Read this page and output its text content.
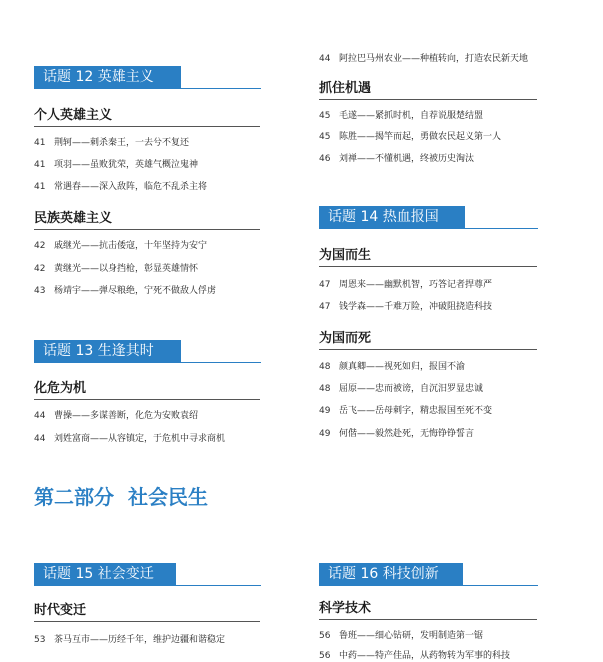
话题 12 英雄主义
个人英雄主义
41 荆轲——刺杀秦王，一去兮不复还
41 项羽——虽败犹荣，英雄气概泣鬼神
41 常遇春——深入敌阵，临危不乱杀主将
民族英雄主义
42 戚继光——抗击倭寇，十年坚持为安宁
42 黄继光——以身挡枪，彰显英雄情怀
43 杨靖宇——弹尽粮绝，宁死不做敌人俘虏
话题 13 生逢其时
化危为机
44 曹操——多谋善断，化危为安败袁绍
44 刘姓富商——从容镇定，于危机中寻求商机
44 阿拉巴马州农业——种植转向，打造农民新天地
抓住机遇
45 毛遂——紧抓时机，自荐说服楚结盟
45 陈胜——揭竿而起，勇做农民起义第一人
46 刘禅——不懂机遇，终被历史淘汰
话题 14 热血报国
为国而生
47 周恩来——幽默机智，巧答记者捍尊严
47 钱学森——千难万险，冲破阻挠造科技
为国而死
48 颜真卿——视死如归，报国不渝
48 屈原——忠而被谤，自沉汨罗显忠诚
49 岳飞——岳母刺字，精忠报国至死不变
49 何偕——毅然赴死，无悔铮铮誓言
第二部分 社会民生
话题 15 社会变迁
时代变迁
53 茶马互市——历经千年，维护边疆和谐稳定
话题 16 科技创新
科学技术
56 鲁班——细心钻研，发明制造第一锯
56 中药——特产佳品，从药物转为军事的科技
